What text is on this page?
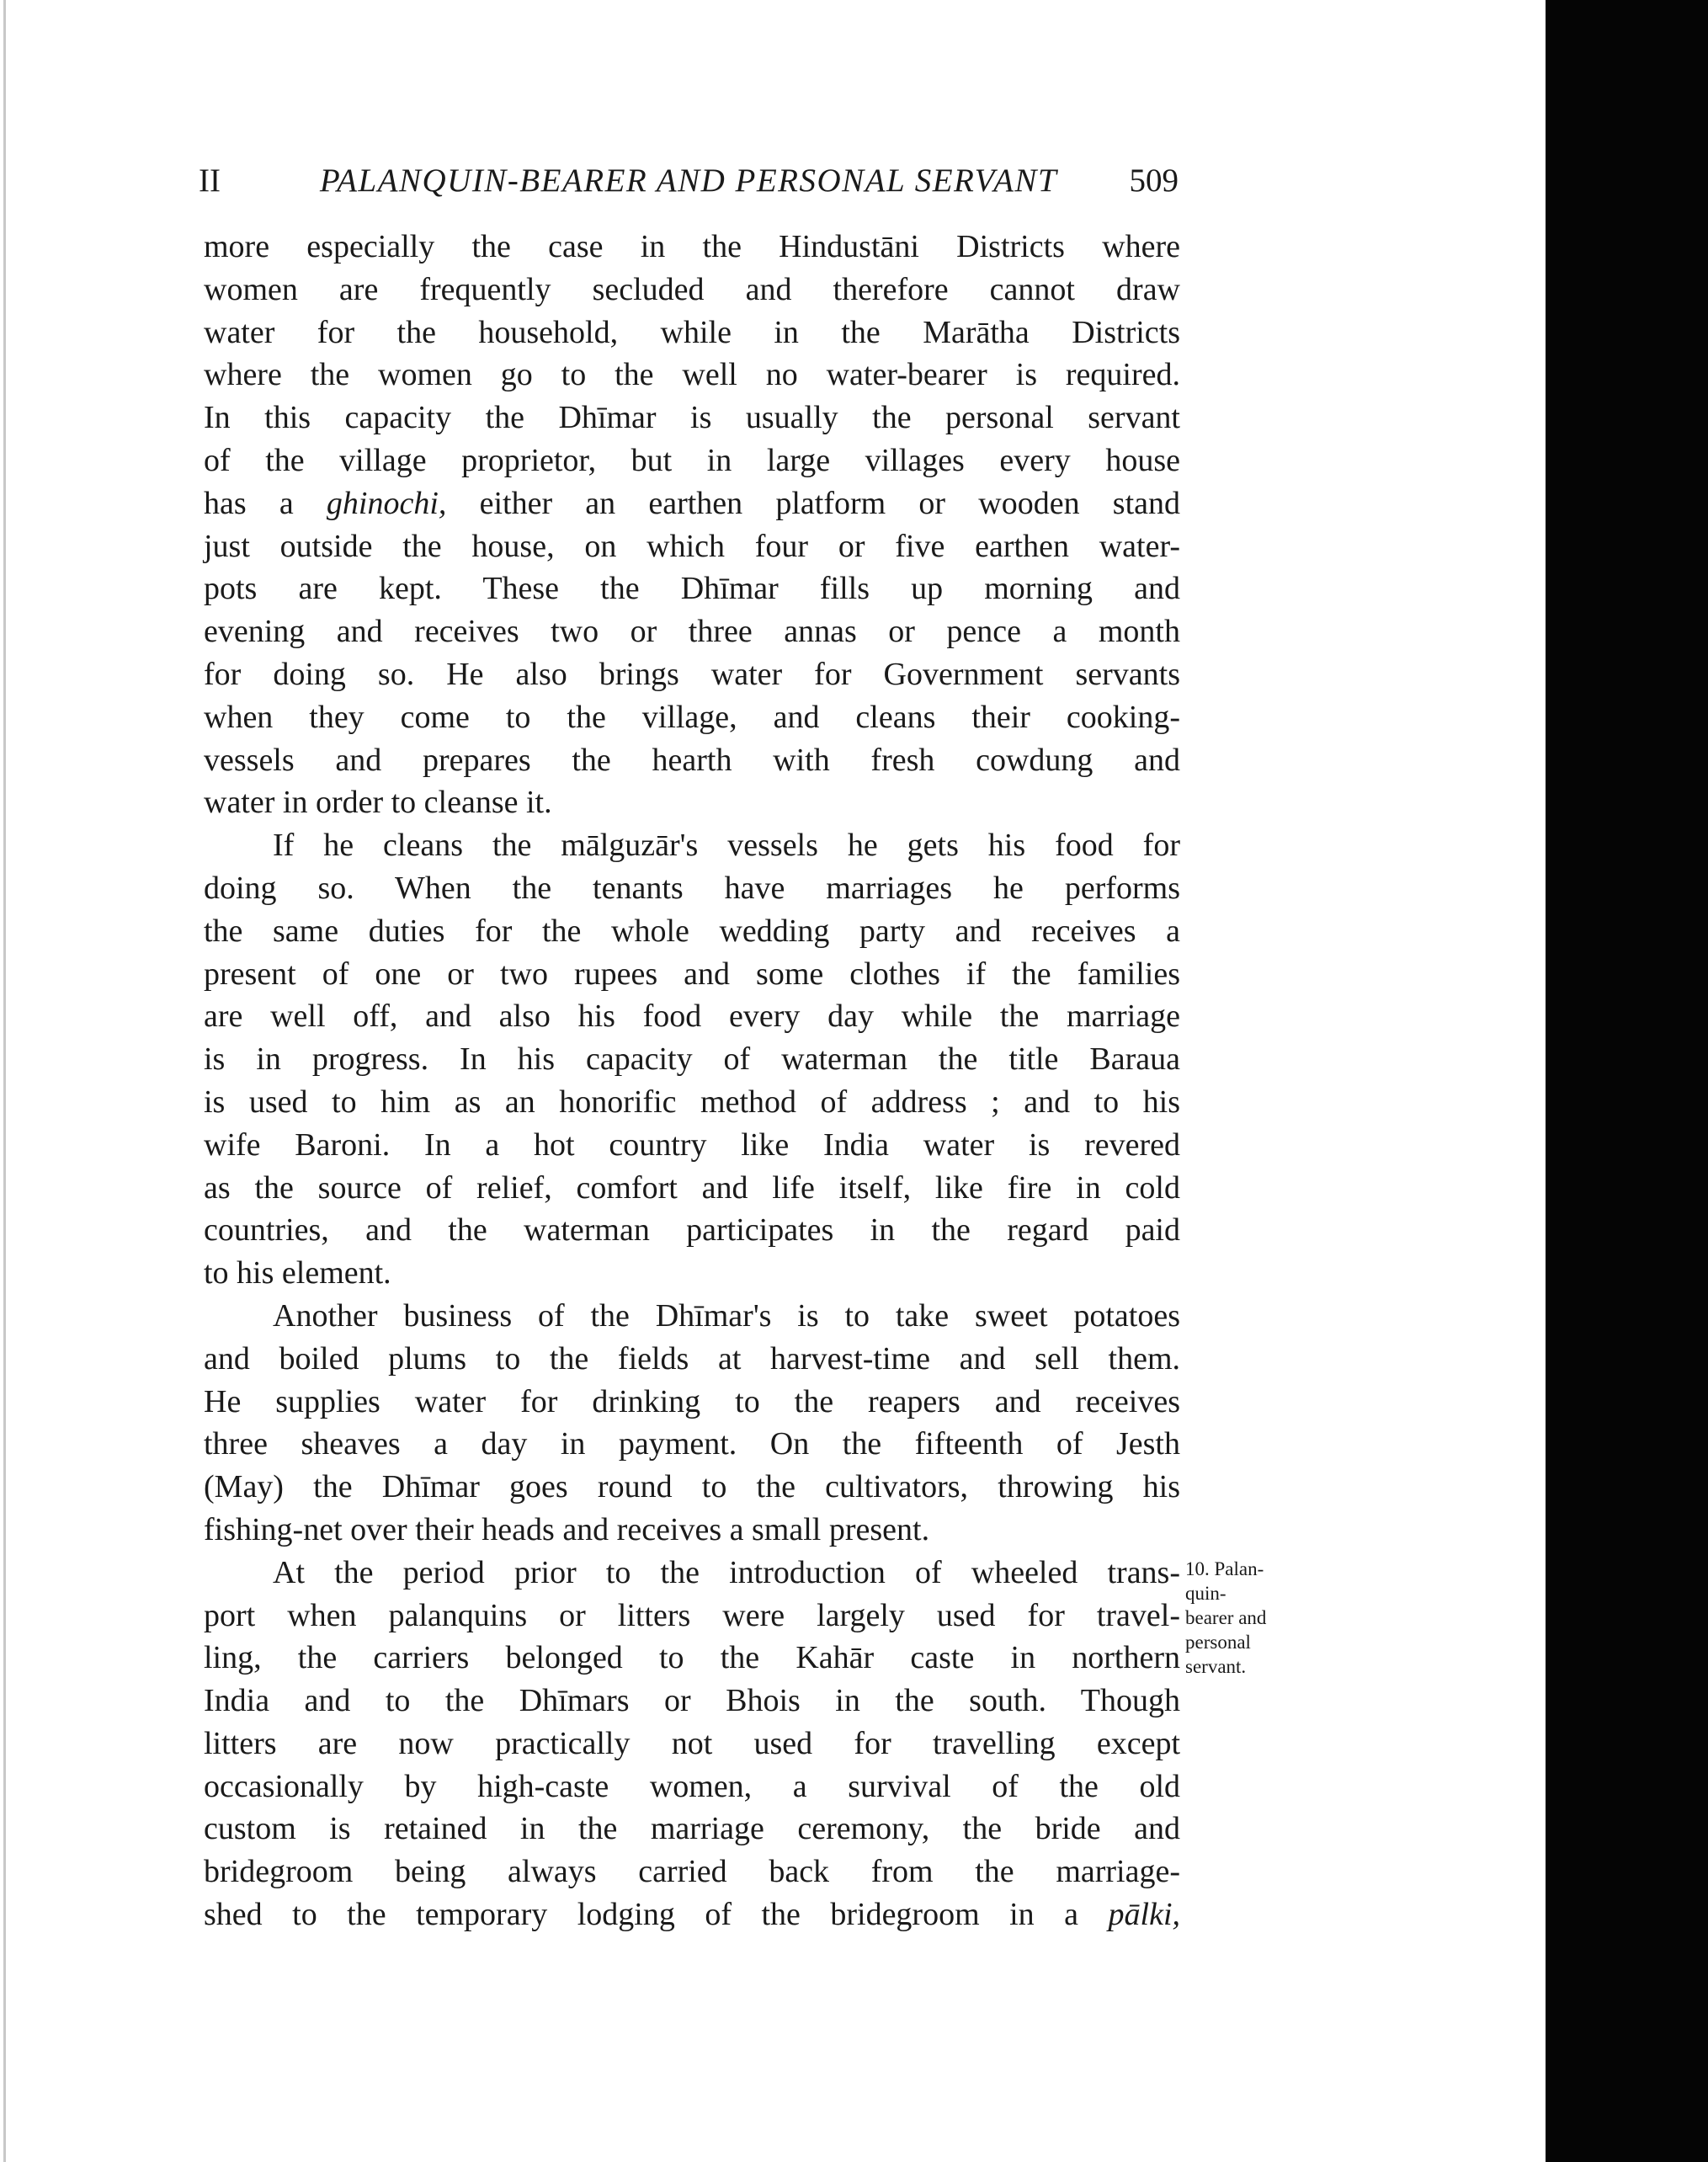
II	PALANQUIN-BEARER AND PERSONAL SERVANT	509
more especially the case in the Hindustāni Districts where
women are frequently secluded and therefore cannot draw
water for the household, while in the Marātha Districts
where the women go to the well no water-bearer is required.
In this capacity the Dhīmar is usually the personal servant
of the village proprietor, but in large villages every house
has a ghinochi, either an earthen platform or wooden stand
just outside the house, on which four or five earthen water-
pots are kept. These the Dhīmar fills up morning and
evening and receives two or three annas or pence a month
for doing so. He also brings water for Government servants
when they come to the village, and cleans their cooking-
vessels and prepares the hearth with fresh cowdung and
water in order to cleanse it.
If he cleans the mālguzār's vessels he gets his food for
doing so. When the tenants have marriages he performs
the same duties for the whole wedding party and receives a
present of one or two rupees and some clothes if the families
are well off, and also his food every day while the marriage
is in progress. In his capacity of waterman the title Baraua
is used to him as an honorific method of address ; and to his
wife Baroni. In a hot country like India water is revered
as the source of relief, comfort and life itself, like fire in cold
countries, and the waterman participates in the regard paid
to his element.
Another business of the Dhīmar's is to take sweet potatoes
and boiled plums to the fields at harvest-time and sell them.
He supplies water for drinking to the reapers and receives
three sheaves a day in payment. On the fifteenth of Jesth
(May) the Dhīmar goes round to the cultivators, throwing his
fishing-net over their heads and receives a small present.
At the period prior to the introduction of wheeled trans-
port when palanquins or litters were largely used for travel-
ling, the carriers belonged to the Kahār caste in northern
India and to the Dhīmars or Bhois in the south. Though
litters are now practically not used for travelling except
occasionally by high-caste women, a survival of the old
custom is retained in the marriage ceremony, the bride and
bridegroom being always carried back from the marriage-
shed to the temporary lodging of the bridegroom in a pālki,
10. Palan-
quin-
bearer and
personal
servant.
